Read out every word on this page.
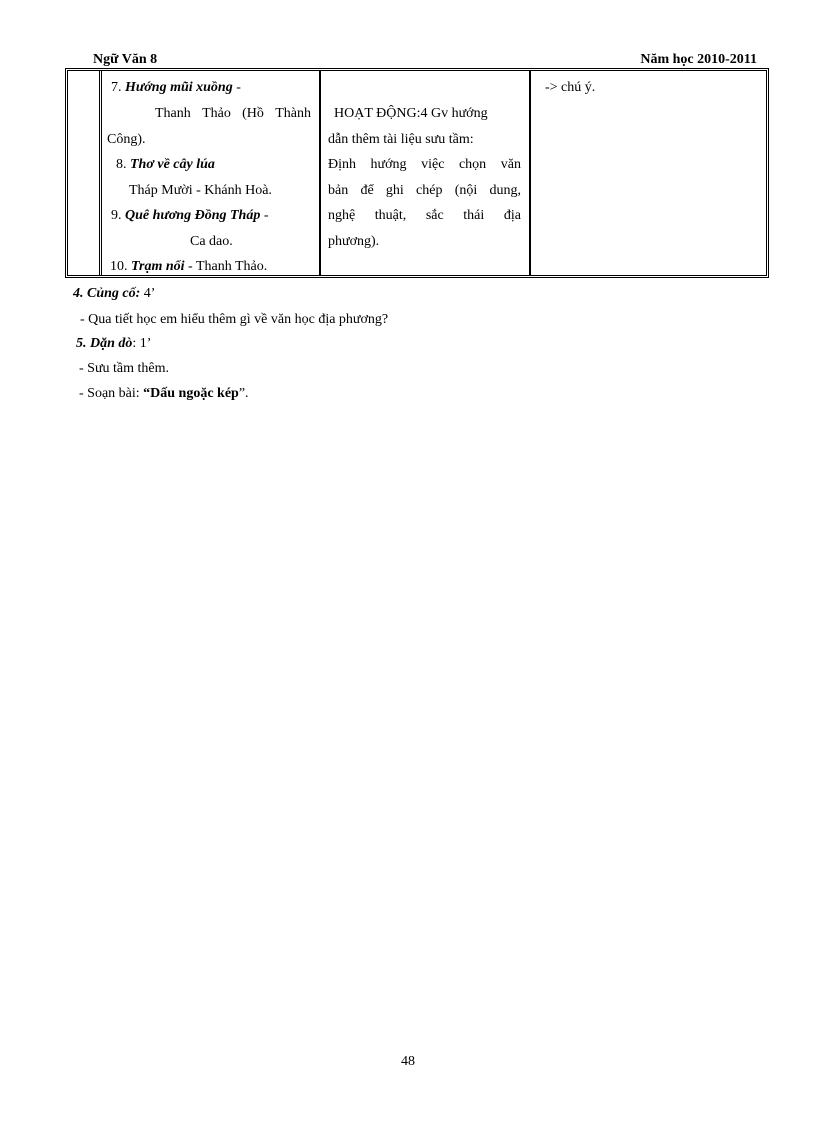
Ngữ Văn 8	Năm học 2010-2011
7. Hướng mũi xuồng -
Thanh Thảo (Hồ Thành
Công).
8. Thơ về cây lúa
Tháp Mười - Khánh Hoà.
9. Quê hương Đồng Tháp -
Ca dao.
10. Trạm nổi - Thanh Thảo.
HOẠT ĐỘNG:4 Gv hướng
dẫn thêm tài liệu sưu tầm:
Định hướng việc chọn văn
bản để ghi chép (nội dung,
nghệ thuật, sắc thái địa
phương).
-> chú ý.
4. Củng cố: 4’
- Qua tiết học em hiểu thêm gì về văn học địa phương?
5. Dặn dò: 1’
- Sưu tầm thêm.
- Soạn bài: “Dấu ngoặc kép”.
48
